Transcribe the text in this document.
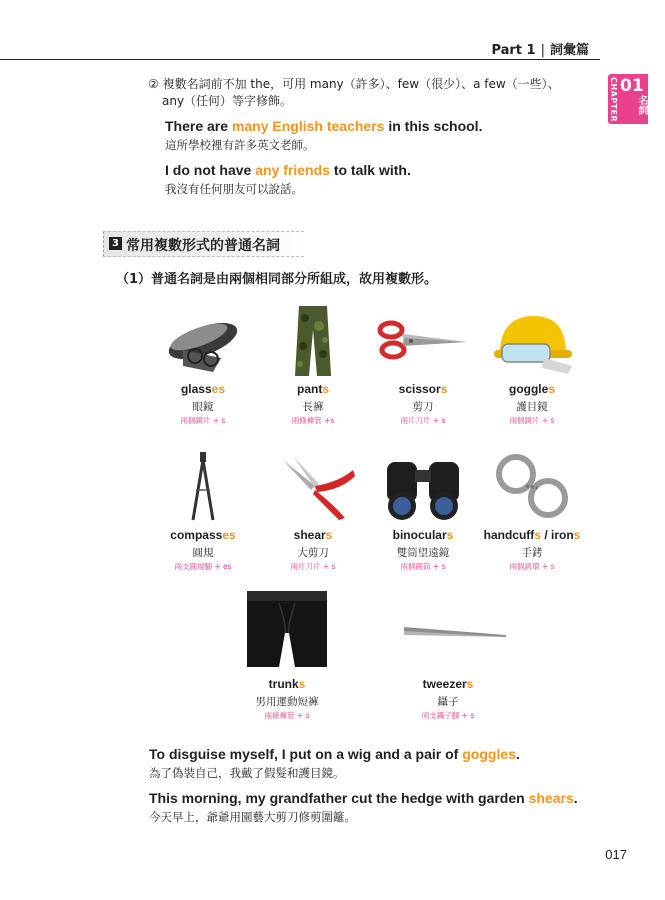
Part 1 | 詞彙篇
CHAPTER 01
名詞
② 複數名詞前不加 the，可用 many（許多）、few（很少）、a few（一些）、
any（任何）等字修飾。
There are many English teachers in this school.
這所學校裡有許多英文老師。
I do not have any friends to talk with.
我沒有任何朋友可以說話。
3 常用複數形式的普通名詞
（1）普通名詞是由兩個相同部分所組成，故用複數形。
glasses
眼鏡
兩個鏡片 + s
pants
長褲
兩條褲管 +s
scissors
剪刀
兩片刀片 + s
goggles
護目鏡
兩個鏡片 + s
compasses
圓規
兩支圓規腳 + es
shears
大剪刀
兩片刀片 + s
binoculars
雙筒望遠鏡
兩個圓筒 + s
handcuffs / irons
手銬
兩個銬環 + s
trunks
男用運動短褲
兩條褲管 + s
tweezers
鑷子
兩支鑷子腳 + s
To disguise myself, I put on a wig and a pair of goggles.
為了偽裝自己，我戴了假髮和護目鏡。
This morning, my grandfather cut the hedge with garden shears.
今天早上，爺爺用園藝大剪刀修剪圍籬。
017
